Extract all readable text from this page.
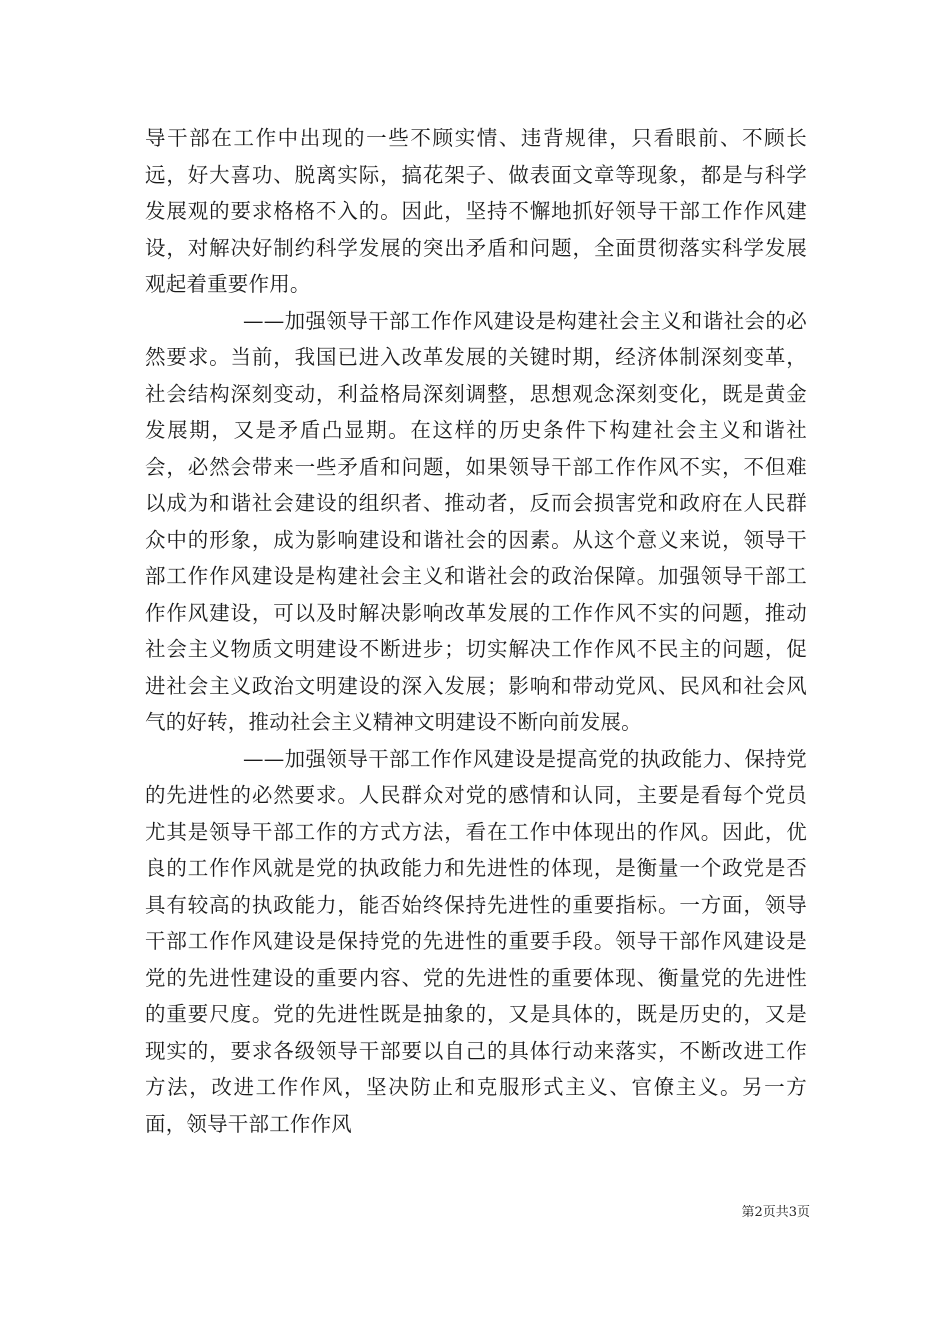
导干部在工作中出现的一些不顾实情、违背规律，只看眼前、不顾长远，好大喜功、脱离实际，搞花架子、做表面文章等现象，都是与科学发展观的要求格格不入的。因此，坚持不懈地抓好领导干部工作作风建设，对解决好制约科学发展的突出矛盾和问题，全面贯彻落实科学发展观起着重要作用。

——加强领导干部工作作风建设是构建社会主义和谐社会的必然要求。当前，我国已进入改革发展的关键时期，经济体制深刻变革，社会结构深刻变动，利益格局深刻调整，思想观念深刻变化，既是黄金发展期，又是矛盾凸显期。在这样的历史条件下构建社会主义和谐社会，必然会带来一些矛盾和问题，如果领导干部工作作风不实，不但难以成为和谐社会建设的组织者、推动者，反而会损害党和政府在人民群众中的形象，成为影响建设和谐社会的因素。从这个意义来说，领导干部工作作风建设是构建社会主义和谐社会的政治保障。加强领导干部工作作风建设，可以及时解决影响改革发展的工作作风不实的问题，推动社会主义物质文明建设不断进步；切实解决工作作风不民主的问题，促进社会主义政治文明建设的深入发展；影响和带动党风、民风和社会风气的好转，推动社会主义精神文明建设不断向前发展。

——加强领导干部工作作风建设是提高党的执政能力、保持党的先进性的必然要求。人民群众对党的感情和认同，主要是看每个党员尤其是领导干部工作的方式方法，看在工作中体现出的作风。因此，优良的工作作风就是党的执政能力和先进性的体现，是衡量一个政党是否具有较高的执政能力，能否始终保持先进性的重要指标。一方面，领导干部工作作风建设是保持党的先进性的重要手段。领导干部作风建设是党的先进性建设的重要内容、党的先进性的重要体现、衡量党的先进性的重要尺度。党的先进性既是抽象的，又是具体的，既是历史的，又是现实的，要求各级领导干部要以自己的具体行动来落实，不断改进工作方法，改进工作作风，坚决防止和克服形式主义、官僚主义。另一方面，领导干部工作作风

第2页共3页
